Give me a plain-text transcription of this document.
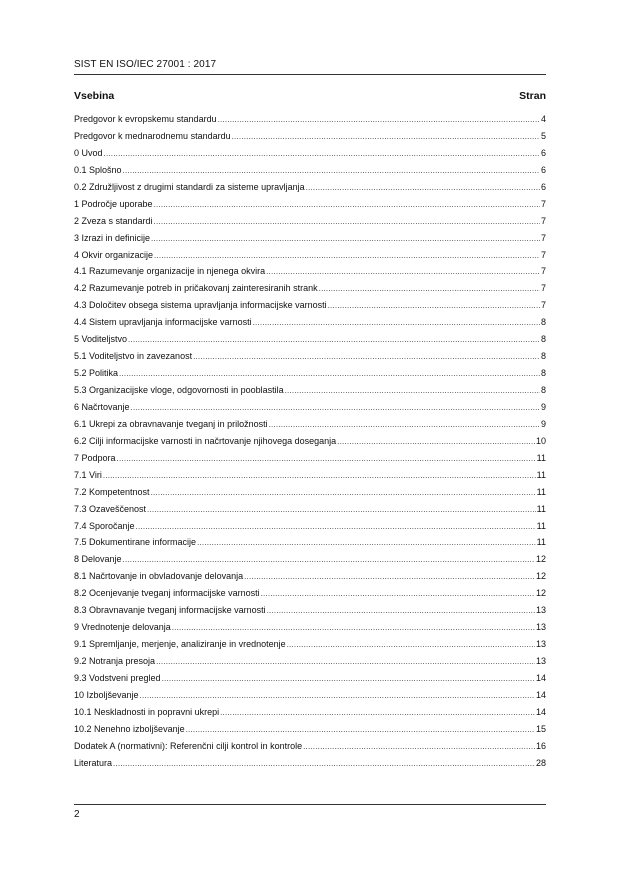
SIST EN ISO/IEC 27001 : 2017
Vsebina	Stran
Predgovor k evropskemu standardu .....	4
Predgovor k mednarodnemu standardu .....	5
0 Uvod .....	6
0.1 Splošno .....	6
0.2 Združljivost z drugimi standardi za sisteme upravljanja .....	6
1 Področje uporabe .....	7
2 Zveza s standardi .....	7
3 Izrazi in definicije .....	7
4 Okvir organizacije .....	7
4.1 Razumevanje organizacije in njenega okvira .....	7
4.2 Razumevanje potreb in pričakovanj zainteresiranih strank .....	7
4.3 Določitev obsega sistema upravljanja informacijske varnosti .....	7
4.4 Sistem upravljanja informacijske varnosti .....	8
5 Voditeljstvo .....	8
5.1 Voditeljstvo in zavezanost .....	8
5.2 Politika .....	8
5.3 Organizacijske vloge, odgovornosti in pooblastila .....	8
6 Načrtovanje .....	9
6.1 Ukrepi za obravnavanje tveganj in priložnosti .....	9
6.2 Cilji informacijske varnosti in načrtovanje njihovega doseganja .....	10
7 Podpora .....	11
7.1 Viri .....	11
7.2 Kompetentnost .....	11
7.3 Ozaveščenost .....	11
7.4 Sporočanje .....	11
7.5 Dokumentirane informacije .....	11
8 Delovanje .....	12
8.1 Načrtovanje in obvladovanje delovanja .....	12
8.2 Ocenjevanje tveganj informacijske varnosti .....	12
8.3 Obravnavanje tveganj informacijske varnosti .....	13
9 Vrednotenje delovanja .....	13
9.1 Spremljanje, merjenje, analiziranje in vrednotenje .....	13
9.2 Notranja presoja .....	13
9.3 Vodstveni pregled .....	14
10 Izboljševanje .....	14
10.1 Neskladnosti in popravni ukrepi .....	14
10.2 Nenehno izboljševanje .....	15
Dodatek A (normativni): Referenčni cilji kontrol in kontrole .....	16
Literatura .....	28
2
